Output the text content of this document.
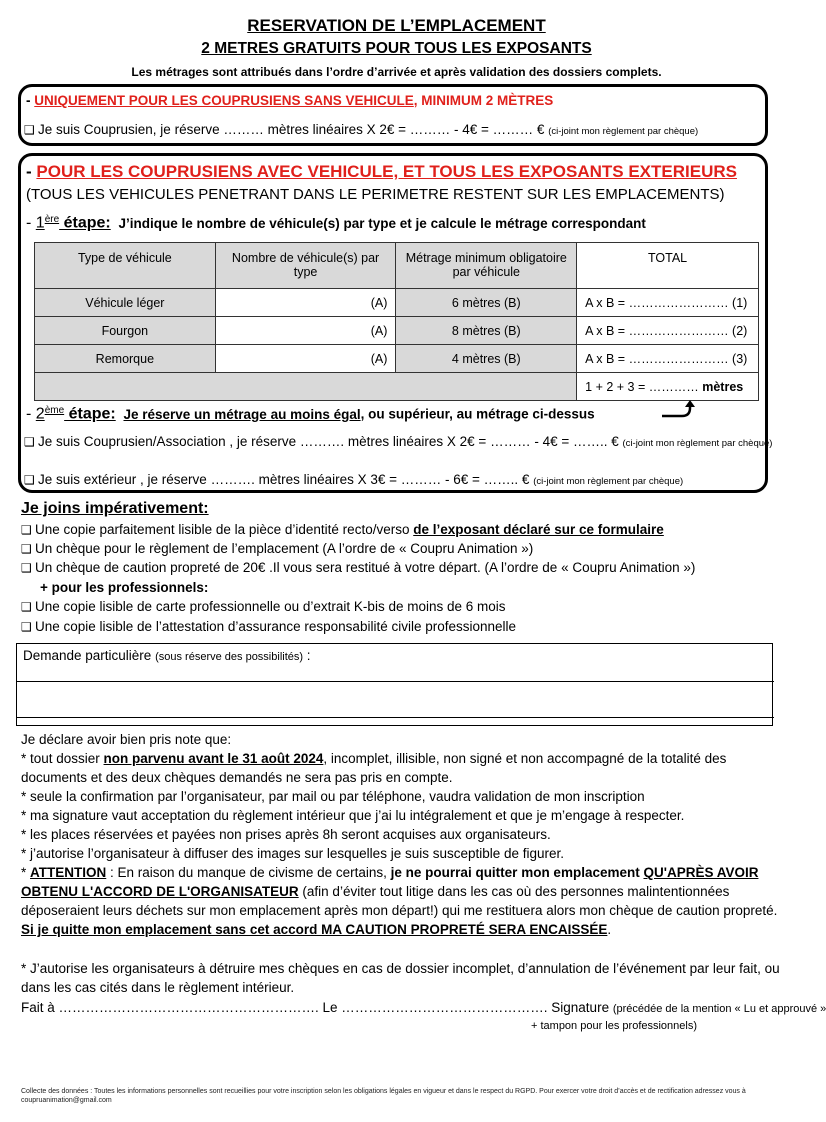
RESERVATION DE L’EMPLACEMENT
2 METRES GRATUITS POUR TOUS LES EXPOSANTS
Les métrages sont attribués dans l’ordre d’arrivée et après validation des dossiers complets.
- UNIQUEMENT POUR LES COUPRUSIENS SANS VEHICULE, MINIMUM 2 MÈTRES
❑ Je suis Couprusien, je réserve ……… mètres linéaires X 2€ = ……… - 4€ = ……… € (ci-joint mon règlement par chèque)
- POUR LES COUPRUSIENS AVEC VEHICULE, ET TOUS LES EXPOSANTS EXTERIEURS
(TOUS LES VEHICULES PENETRANT DANS LE PERIMETRE RESTENT SUR LES EMPLACEMENTS)
- 1ère étape: J’indique le nombre de véhicule(s) par type et je calcule le métrage correspondant
Type de véhicule	Nombre de véhicule(s) par type	Métrage minimum obligatoire par véhicule	TOTAL
Véhicule léger	(A)	6 mètres (B)	A x B = …………………… (1)
Fourgon	(A)	8 mètres (B)	A x B = …………………… (2)
Remorque	(A)	4 mètres (B)	A x B = …………………… (3)
			1 + 2 + 3 = ………… mètres
- 2ème étape: Je réserve un métrage au moins égal, ou supérieur, au métrage ci-dessus
❑ Je suis Couprusien/Association , je réserve ………. mètres linéaires X 2€ = ……… - 4€ = …….. € (ci-joint mon règlement par chèque)
❑ Je suis extérieur , je réserve ………. mètres linéaires X 3€ = ……… - 6€ = …….. € (ci-joint mon règlement par chèque)
Je joins impérativement:
❑ Une copie parfaitement lisible de la pièce d’identité recto/verso de l’exposant déclaré sur ce formulaire
❑ Un chèque pour le règlement de l’emplacement (A l’ordre de « Coupru Animation »)
❑ Un chèque de caution propreté de 20€ .Il vous sera restitué à votre départ. (A l’ordre de « Coupru Animation »)
+ pour les professionnels:
❑ Une copie lisible de carte professionnelle ou d’extrait K-bis de moins de 6 mois
❑ Une copie lisible de l’attestation d’assurance responsabilité civile professionnelle
Demande particulière (sous réserve des possibilités) :
Je déclare avoir bien pris note que:
* tout dossier non parvenu avant le 31 août 2024, incomplet, illisible, non signé et non accompagné de la totalité des documents et des deux chèques demandés ne sera pas pris en compte.
* seule la confirmation par l’organisateur, par mail ou par téléphone, vaudra validation de mon inscription
* ma signature vaut acceptation du règlement intérieur que j’ai lu intégralement et que je m’engage à respecter.
* les places réservées et payées non prises après 8h seront acquises aux organisateurs.
* j’autorise l’organisateur à diffuser des images sur lesquelles je suis susceptible de figurer.
* ATTENTION : En raison du manque de civisme de certains, je ne pourrai quitter mon emplacement QU'APRÈS AVOIR OBTENU L'ACCORD DE L'ORGANISATEUR (afin d’éviter tout litige dans les cas où des personnes malintentionnées déposeraient leurs déchets sur mon emplacement après mon départ!) qui me restituera alors mon chèque de caution propreté. Si je quitte mon emplacement sans cet accord MA CAUTION PROPRETÉ SERA ENCAISSÉE.
* J’autorise les organisateurs à détruire mes chèques en cas de dossier incomplet, d’annulation de l’événement par leur fait, ou dans les cas cités dans le règlement intérieur.
Fait à …………………………………………………. Le ………………………………………. Signature (précédée de la mention « Lu et approuvé »
+ tampon pour les professionnels)
Collecte des données : Toutes les informations personnelles sont recueillies pour votre inscription selon les obligations légales en vigueur et dans le respect du RGPD. Pour exercer votre droit d’accès et de rectification adressez vous à coupruanimation@gmail.com
